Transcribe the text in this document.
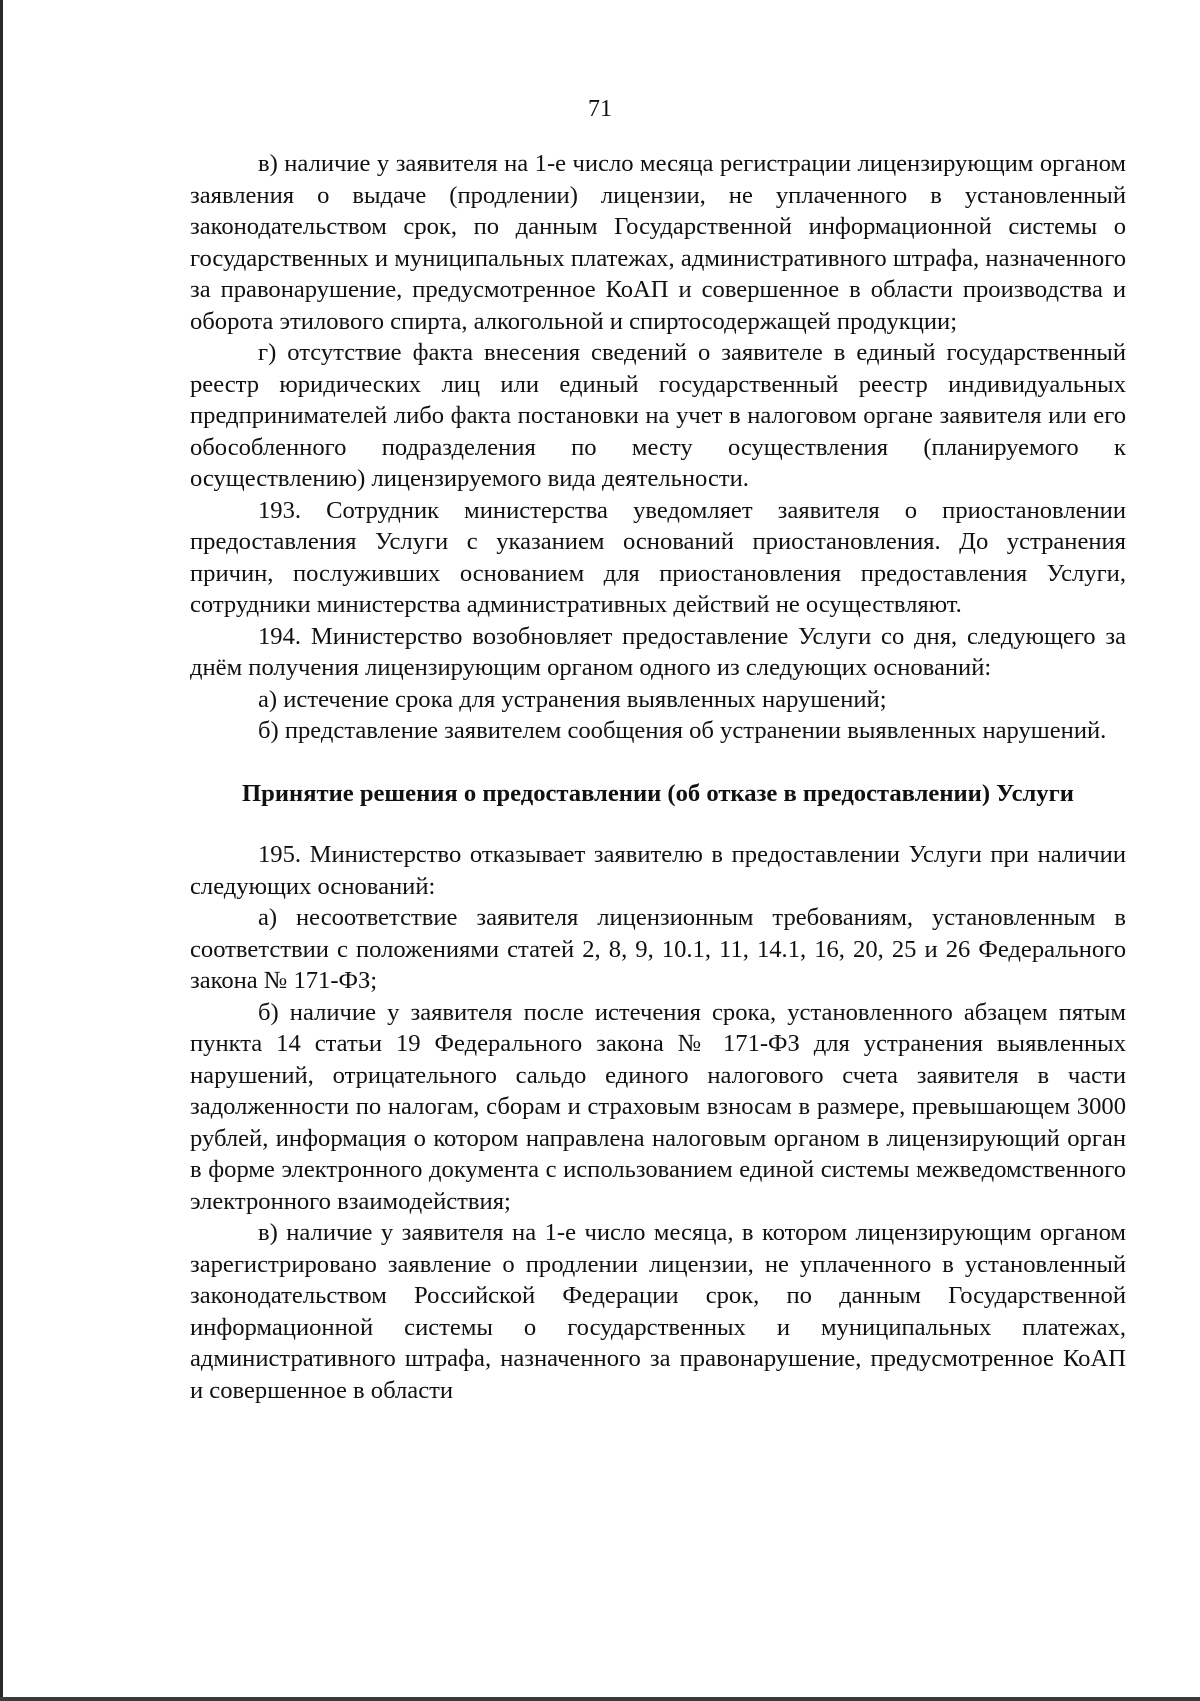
71

в) наличие у заявителя на 1-е число месяца регистрации лицензирующим органом заявления о выдаче (продлении) лицензии, не уплаченного в установленный законодательством срок, по данным Государственной информационной системы о государственных и муниципальных платежах, административного штрафа, назначенного за правонарушение, предусмотренное КоАП и совершенное в области производства и оборота этилового спирта, алкогольной и спиртосодержащей продукции;

г) отсутствие факта внесения сведений о заявителе в единый государственный реестр юридических лиц или единый государственный реестр индивидуальных предпринимателей либо факта постановки на учет в налоговом органе заявителя или его обособленного подразделения по месту осуществления (планируемого к осуществлению) лицензируемого вида деятельности.

193. Сотрудник министерства уведомляет заявителя о приостановлении предоставления Услуги с указанием оснований приостановления. До устранения причин, послуживших основанием для приостановления предоставления Услуги, сотрудники министерства административных действий не осуществляют.

194. Министерство возобновляет предоставление Услуги со дня, следующего за днём получения лицензирующим органом одного из следующих оснований:

а) истечение срока для устранения выявленных нарушений;

б) представление заявителем сообщения об устранении выявленных нарушений.

Принятие решения о предоставлении (об отказе в предоставлении) Услуги

195. Министерство отказывает заявителю в предоставлении Услуги при наличии следующих оснований:

а) несоответствие заявителя лицензионным требованиям, установленным в соответствии с положениями статей 2, 8, 9, 10.1, 11, 14.1, 16, 20, 25 и 26 Федерального закона № 171-ФЗ;

б) наличие у заявителя после истечения срока, установленного абзацем пятым пункта 14 статьи 19 Федерального закона № 171-ФЗ для устранения выявленных нарушений, отрицательного сальдо единого налогового счета заявителя в части задолженности по налогам, сборам и страховым взносам в размере, превышающем 3000 рублей, информация о котором направлена налоговым органом в лицензирующий орган в форме электронного документа с использованием единой системы межведомственного электронного взаимодействия;

в) наличие у заявителя на 1-е число месяца, в котором лицензирующим органом зарегистрировано заявление о продлении лицензии, не уплаченного в установленный законодательством Российской Федерации срок, по данным Государственной информационной системы о государственных и муниципальных платежах, административного штрафа, назначенного за правонарушение, предусмотренное КоАП и совершенное в области
